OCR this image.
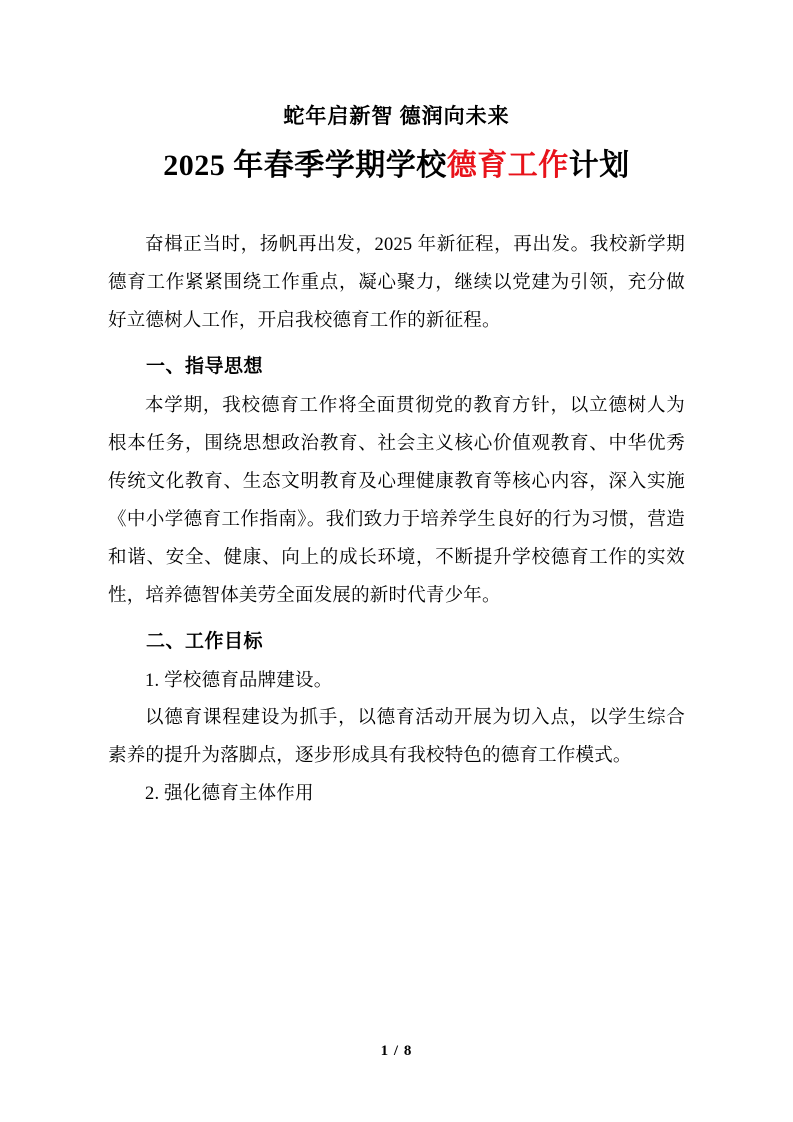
蛇年启新智 德润向未来
2025 年春季学期学校德育工作计划

奋楫正当时，扬帆再出发，2025 年新征程，再出发。我校新学期德育工作紧紧围绕工作重点，凝心聚力，继续以党建为引领，充分做好立德树人工作，开启我校德育工作的新征程。

一、指导思想

本学期，我校德育工作将全面贯彻党的教育方针，以立德树人为根本任务，围绕思想政治教育、社会主义核心价值观教育、中华优秀传统文化教育、生态文明教育及心理健康教育等核心内容，深入实施《中小学德育工作指南》。我们致力于培养学生良好的行为习惯，营造和谐、安全、健康、向上的成长环境，不断提升学校德育工作的实效性，培养德智体美劳全面发展的新时代青少年。

二、工作目标

1. 学校德育品牌建设。

以德育课程建设为抓手，以德育活动开展为切入点，以学生综合素养的提升为落脚点，逐步形成具有我校特色的德育工作模式。

2. 强化德育主体作用

1 / 8
